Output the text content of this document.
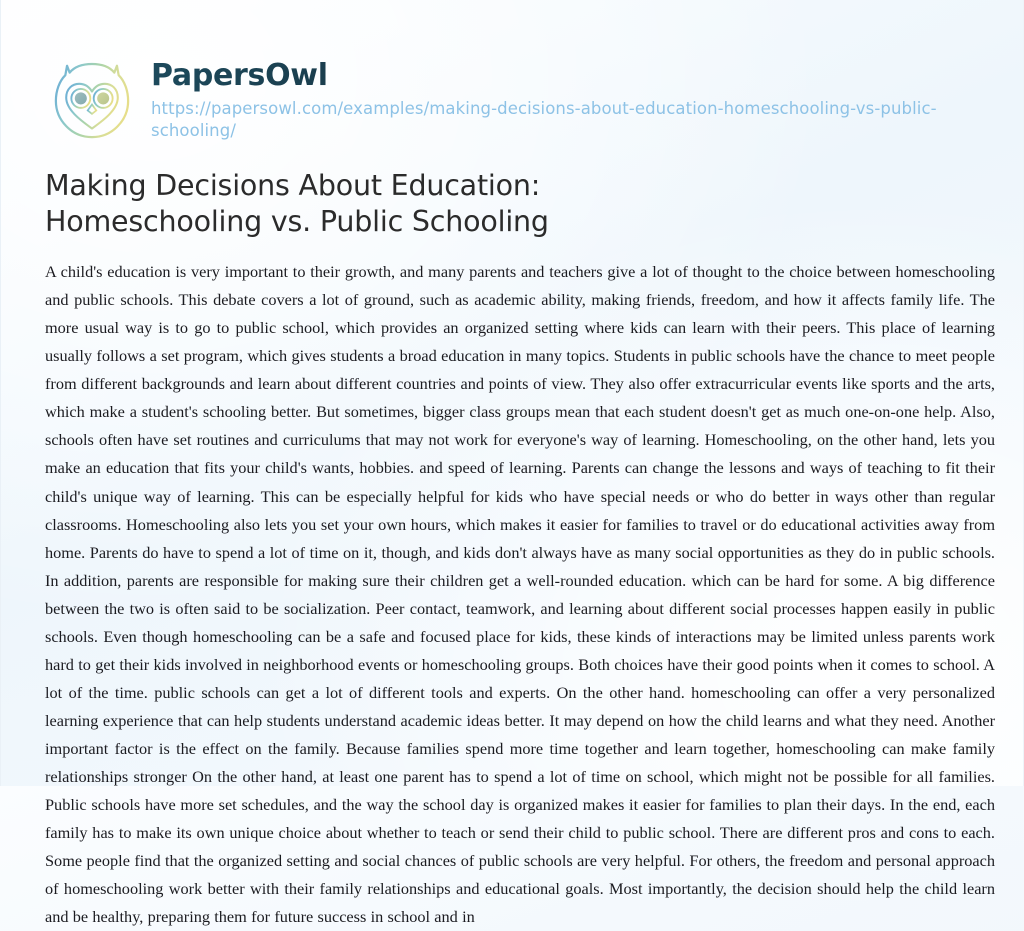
PapersOwl
https://papersowl.com/examples/making-decisions-about-education-homeschooling-vs-public-schooling/
Making Decisions About Education: Homeschooling vs. Public Schooling

A child's education is very important to their growth, and many parents and teachers give a lot of thought to the choice between homeschooling and public schools. This debate covers a lot of ground, such as academic ability, making friends, freedom, and how it affects family life. The more usual way is to go to public school, which provides an organized setting where kids can learn with their peers. This place of learning usually follows a set program, which gives students a broad education in many topics. Students in public schools have the chance to meet people from different backgrounds and learn about different countries and points of view. They also offer extracurricular events like sports and the arts, which make a student's schooling better. But sometimes, bigger class groups mean that each student doesn't get as much one-on-one help. Also, schools often have set routines and curriculums that may not work for everyone's way of learning. Homeschooling, on the other hand, lets you make an education that fits your child's wants, hobbies. and speed of learning. Parents can change the lessons and ways of teaching to fit their child's unique way of learning. This can be especially helpful for kids who have special needs or who do better in ways other than regular classrooms. Homeschooling also lets you set your own hours, which makes it easier for families to travel or do educational activities away from home. Parents do have to spend a lot of time on it, though, and kids don't always have as many social opportunities as they do in public schools. In addition, parents are responsible for making sure their children get a well-rounded education. which can be hard for some. A big difference between the two is often said to be socialization. Peer contact, teamwork, and learning about different social processes happen easily in public schools. Even though homeschooling can be a safe and focused place for kids, these kinds of interactions may be limited unless parents work hard to get their kids involved in neighborhood events or homeschooling groups. Both choices have their good points when it comes to school. A lot of the time. public schools can get a lot of different tools and experts. On the other hand. homeschooling can offer a very personalized learning experience that can help students understand academic ideas better. It may depend on how the child learns and what they need. Another important factor is the effect on the family. Because families spend more time together and learn together, homeschooling can make family relationships stronger On the other hand, at least one parent has to spend a lot of time on school, which might not be possible for all families. Public schools have more set schedules, and the way the school day is organized makes it easier for families to plan their days. In the end, each family has to make its own unique choice about whether to teach or send their child to public school. There are different pros and cons to each. Some people find that the organized setting and social chances of public schools are very helpful. For others, the freedom and personal approach of homeschooling work better with their family relationships and educational goals. Most importantly, the decision should help the child learn and be healthy, preparing them for future success in school and in
